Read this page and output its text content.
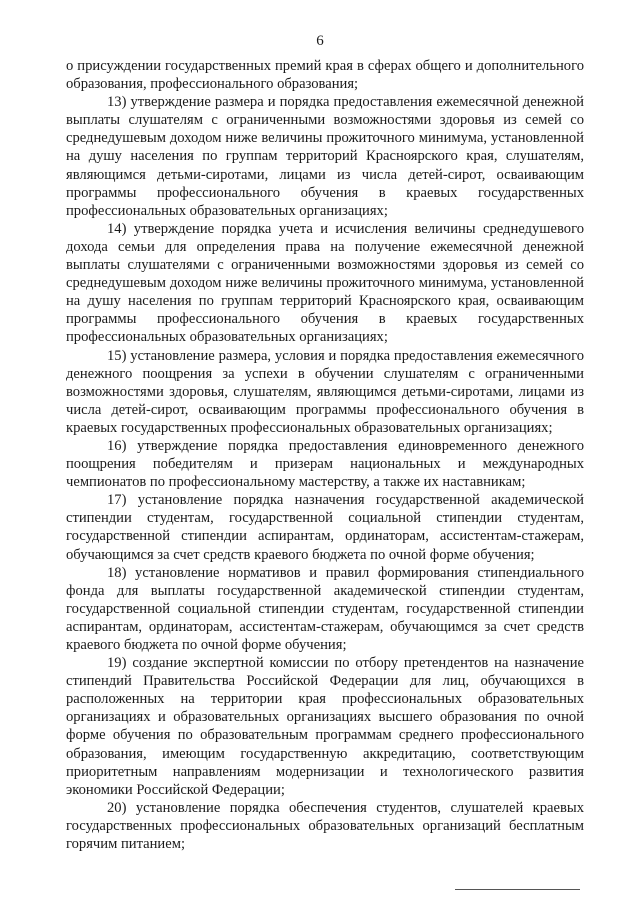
6

о присуждении государственных премий края в сферах общего и дополнительного образования, профессионального образования;

13) утверждение размера и порядка предоставления ежемесячной денежной выплаты слушателям с ограниченными возможностями здоровья из семей со среднедушевым доходом ниже величины прожиточного минимума, установленной на душу населения по группам территорий Красноярского края, слушателям, являющимся детьми-сиротами, лицами из числа детей-сирот, осваивающим программы профессионального обучения в краевых государственных профессиональных образовательных организациях;

14) утверждение порядка учета и исчисления величины среднедушевого дохода семьи для определения права на получение ежемесячной денежной выплаты слушателями с ограниченными возможностями здоровья из семей со среднедушевым доходом ниже величины прожиточного минимума, установленной на душу населения по группам территорий Красноярского края, осваивающим программы профессионального обучения в краевых государственных профессиональных образовательных организациях;

15) установление размера, условия и порядка предоставления ежемесячного денежного поощрения за успехи в обучении слушателям с ограниченными возможностями здоровья, слушателям, являющимся детьми-сиротами, лицами из числа детей-сирот, осваивающим программы профессионального обучения в краевых государственных профессиональных образовательных организациях;

16) утверждение порядка предоставления единовременного денежного поощрения победителям и призерам национальных и международных чемпионатов по профессиональному мастерству, а также их наставникам;

17) установление порядка назначения государственной академической стипендии студентам, государственной социальной стипендии студентам, государственной стипендии аспирантам, ординаторам, ассистентам-стажерам, обучающимся за счет средств краевого бюджета по очной форме обучения;

18) установление нормативов и правил формирования стипендиального фонда для выплаты государственной академической стипендии студентам, государственной социальной стипендии студентам, государственной стипендии аспирантам, ординаторам, ассистентам-стажерам, обучающимся за счет средств краевого бюджета по очной форме обучения;

19) создание экспертной комиссии по отбору претендентов на назначение стипендий Правительства Российской Федерации для лиц, обучающихся в расположенных на территории края профессиональных образовательных организациях и образовательных организациях высшего образования по очной форме обучения по образовательным программам среднего профессионального образования, имеющим государственную аккредитацию, соответствующим приоритетным направлениям модернизации и технологического развития экономики Российской Федерации;

20) установление порядка обеспечения студентов, слушателей краевых государственных профессиональных образовательных организаций бесплатным горячим питанием;
